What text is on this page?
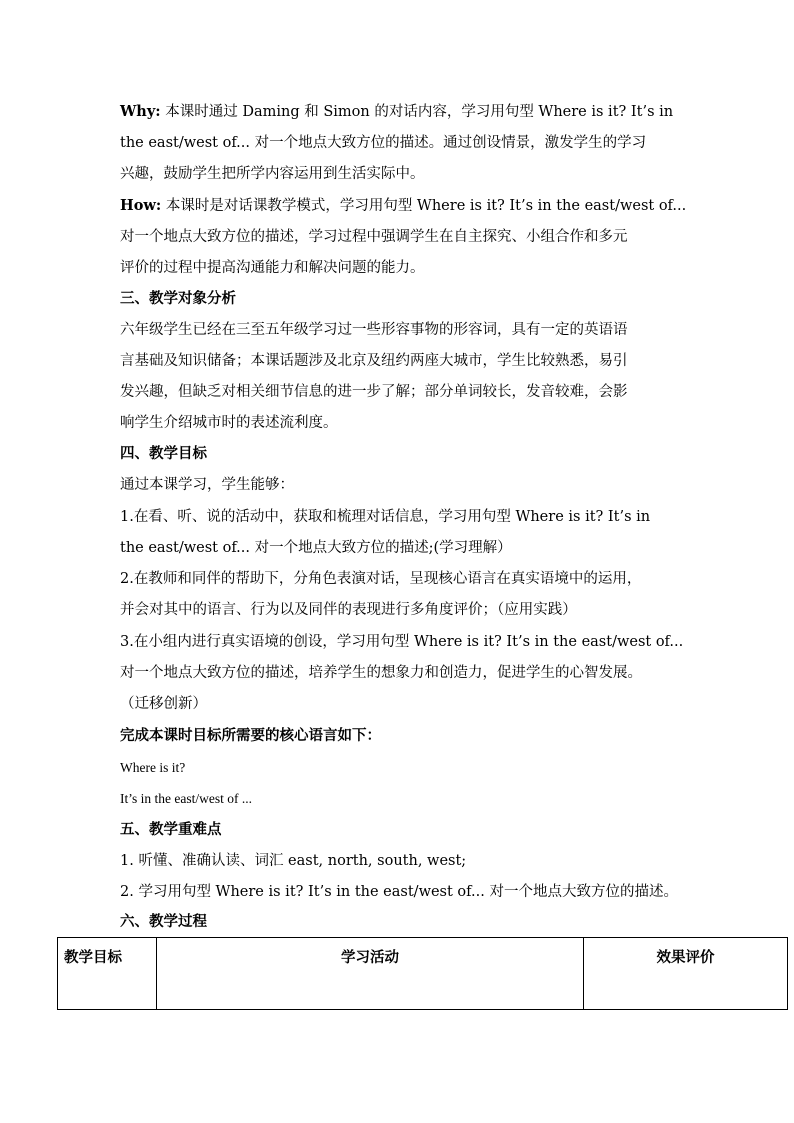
Why: 本课时通过 Daming 和 Simon 的对话内容，学习用句型 Where is it? It’s in
the east/west of... 对一个地点大致方位的描述。通过创设情景，激发学生的学习
兴趣，鼓励学生把所学内容运用到生活实际中。
How: 本课时是对话课教学模式，学习用句型 Where is it? It’s in the east/west of...
对一个地点大致方位的描述，学习过程中强调学生在自主探究、小组合作和多元
评价的过程中提高沟通能力和解决问题的能力。
三、教学对象分析
六年级学生已经在三至五年级学习过一些形容事物的形容词，具有一定的英语语
言基础及知识储备；本课话题涉及北京及纽约两座大城市，学生比较熟悉，易引
发兴趣，但缺乏对相关细节信息的进一步了解；部分单词较长，发音较难，会影
响学生介绍城市时的表述流利度。
四、教学目标
通过本课学习，学生能够：
1.在看、听、说的活动中，获取和梳理对话信息，学习用句型 Where is it? It’s in
the east/west of... 对一个地点大致方位的描述;(学习理解）
2.在教师和同伴的帮助下，分角色表演对话，呈现核心语言在真实语境中的运用，
并会对其中的语言、行为以及同伴的表现进行多角度评价；（应用实践）
3.在小组内进行真实语境的创设，学习用句型 Where is it? It’s in the east/west of...
对一个地点大致方位的描述，培养学生的想象力和创造力，促进学生的心智发展。
（迁移创新）
完成本课时目标所需要的核心语言如下：
Where is it?
It’s in the east/west of ...
五、教学重难点
1. 听懂、准确认读、词汇 east, north, south, west;
2. 学习用句型 Where is it? It’s in the east/west of... 对一个地点大致方位的描述。
六、教学过程
教学目标	学习活动	效果评价
